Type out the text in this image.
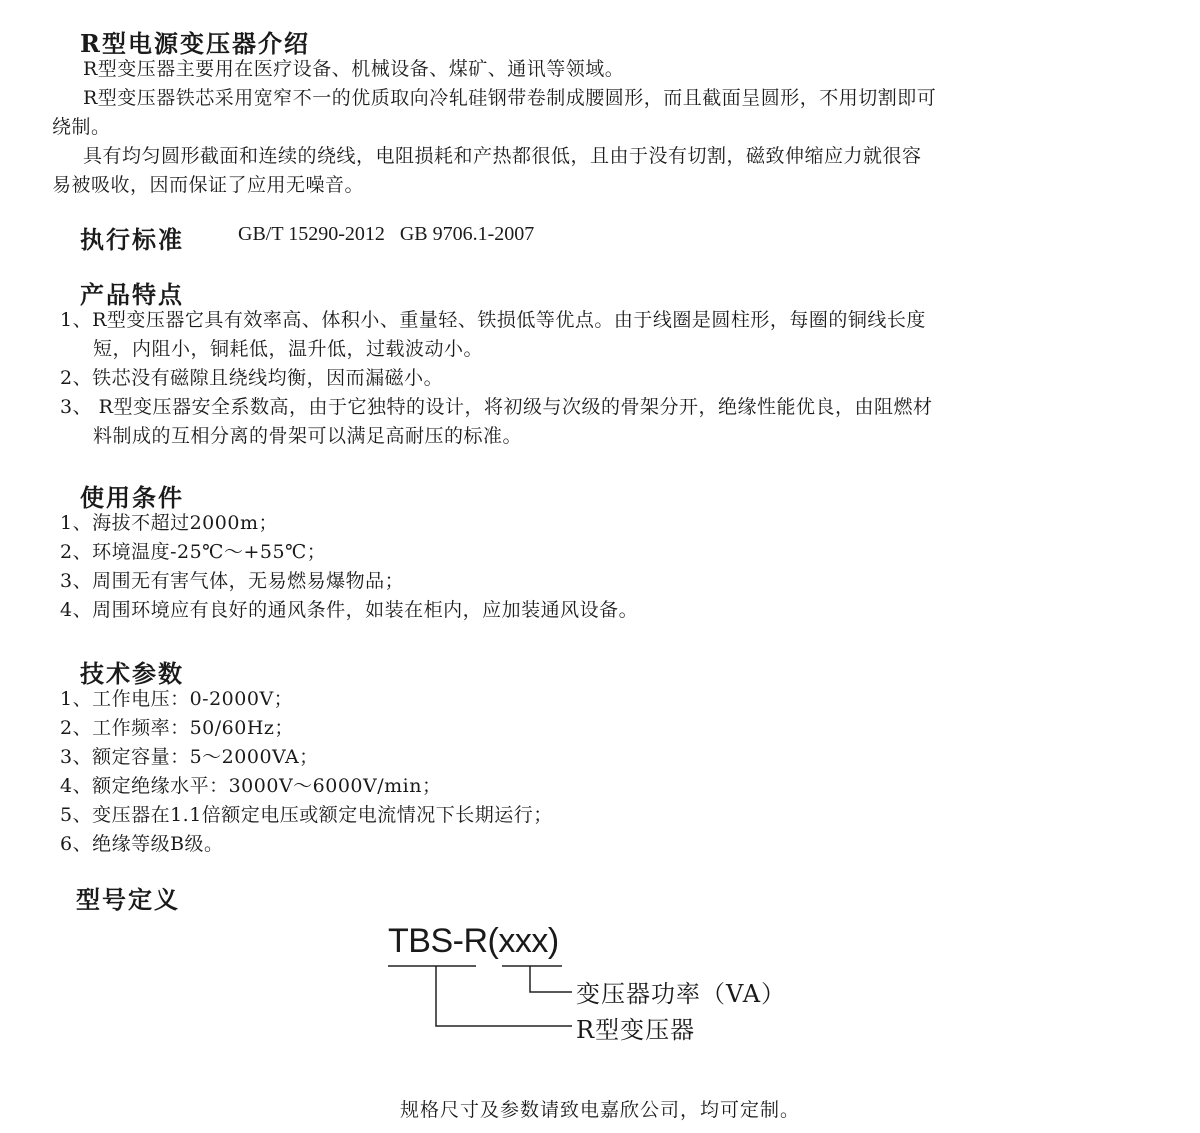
R型电源变压器介绍
R型变压器主要用在医疗设备、机械设备、煤矿、通讯等领域。
R型变压器铁芯采用宽窄不一的优质取向冷轧硅钢带卷制成腰圆形，而且截面呈圆形，不用切割即可
绕制。
具有均匀圆形截面和连续的绕线，电阻损耗和产热都很低，且由于没有切割，磁致伸缩应力就很容
易被吸收，因而保证了应用无噪音。
执行标准	GB/T 15290-2012   GB 9706.1-2007
产品特点
1、R型变压器它具有效率高、体积小、重量轻、铁损低等优点。由于线圈是圆柱形，每圈的铜线长度
短，内阻小，铜耗低，温升低，过载波动小。
2、铁芯没有磁隙且绕线均衡，因而漏磁小。
3、 R型变压器安全系数高，由于它独特的设计，将初级与次级的骨架分开，绝缘性能优良，由阻燃材
料制成的互相分离的骨架可以满足高耐压的标准。
使用条件
1、海拔不超过2000m；
2、环境温度-25℃～+55℃；
3、周围无有害气体，无易燃易爆物品；
4、周围环境应有良好的通风条件，如装在柜内，应加装通风设备。
技术参数
1、工作电压：0-2000V；
2、工作频率：50/60Hz；
3、额定容量：5～2000VA；
4、额定绝缘水平：3000V～6000V/min；
5、变压器在1.1倍额定电压或额定电流情况下长期运行；
6、绝缘等级B级。
型号定义
TBS-R(xxx)
变压器功率（VA）
R型变压器
规格尺寸及参数请致电嘉欣公司，均可定制。
